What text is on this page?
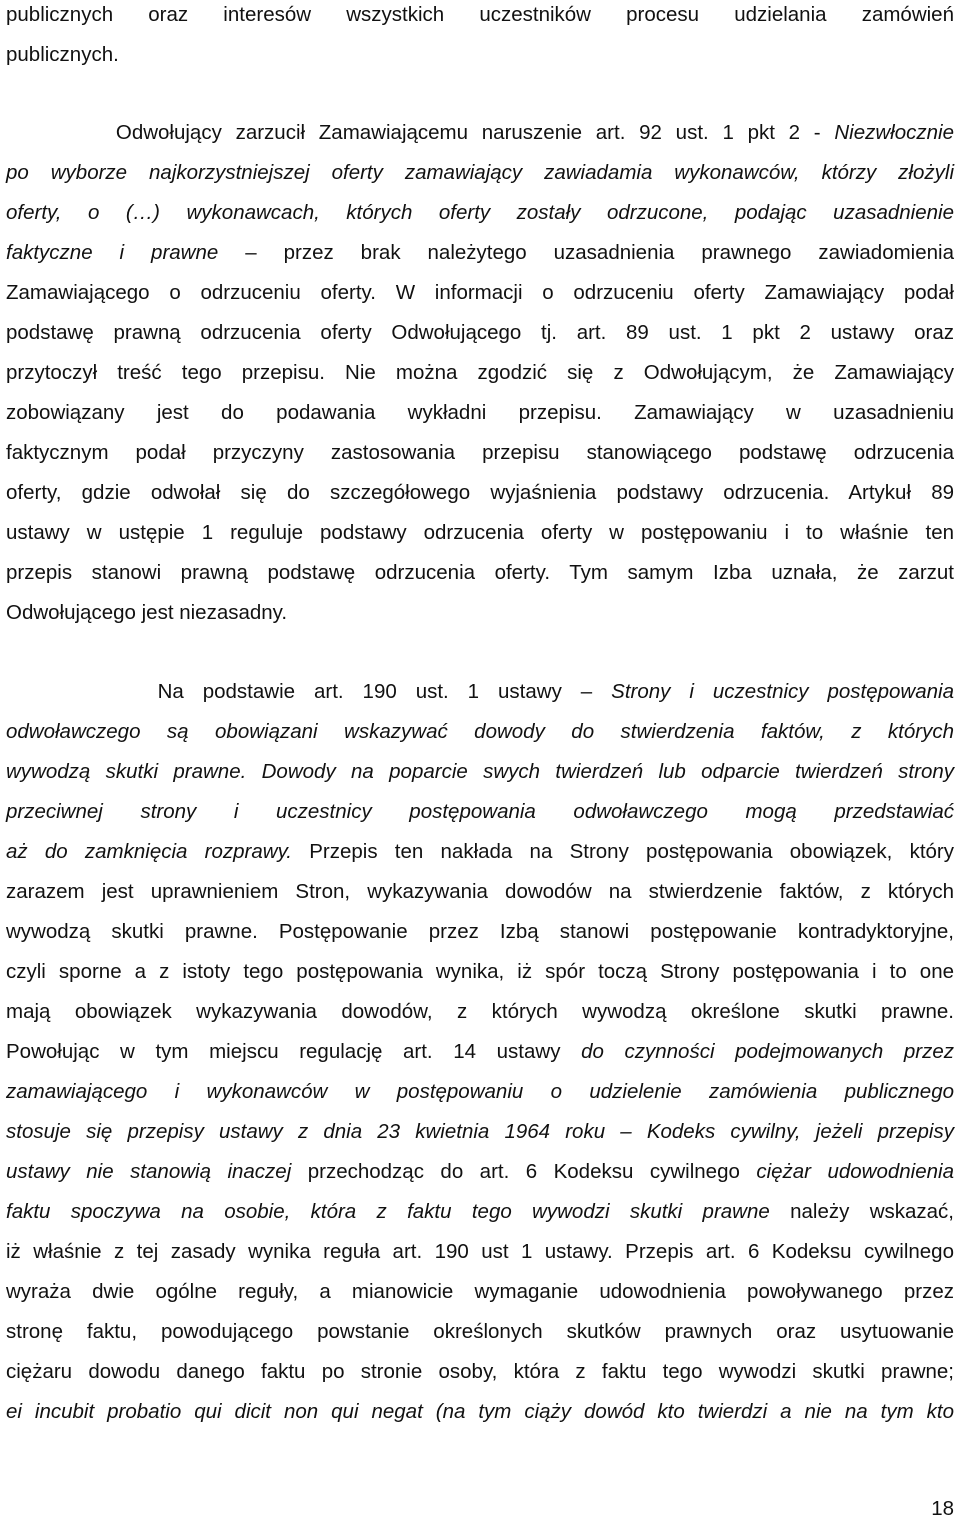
publicznych oraz interesów wszystkich uczestników procesu udzielania zamówień
publicznych.
Odwołujący zarzucił Zamawiającemu naruszenie art. 92 ust. 1 pkt 2 - Niezwłocznie
po wyborze najkorzystniejszej oferty zamawiający zawiadamia wykonawców, którzy złożyli
oferty, o (…) wykonawcach, których oferty zostały odrzucone, podając uzasadnienie
faktyczne i prawne – przez brak należytego uzasadnienia prawnego zawiadomienia
Zamawiającego o odrzuceniu oferty. W informacji o odrzuceniu oferty Zamawiający podał
podstawę prawną odrzucenia oferty Odwołującego tj. art. 89 ust. 1 pkt 2 ustawy oraz
przytoczył treść tego przepisu. Nie można zgodzić się z Odwołującym, że Zamawiający
zobowiązany jest do podawania wykładni przepisu. Zamawiający w uzasadnieniu
faktycznym podał przyczyny zastosowania przepisu stanowiącego podstawę odrzucenia
oferty, gdzie odwołał się do szczegółowego wyjaśnienia podstawy odrzucenia. Artykuł 89
ustawy w ustępie 1 reguluje podstawy odrzucenia oferty w postępowaniu i to właśnie ten
przepis stanowi prawną podstawę odrzucenia oferty. Tym samym Izba uznała, że zarzut
Odwołującego jest niezasadny.
Na podstawie art. 190 ust. 1 ustawy – Strony i uczestnicy postępowania
odwoławczego są obowiązani wskazywać dowody do stwierdzenia faktów, z których
wywodzą skutki prawne. Dowody na poparcie swych twierdzeń lub odparcie twierdzeń strony
przeciwnej strony i uczestnicy postępowania odwoławczego mogą przedstawiać
aż do zamknięcia rozprawy. Przepis ten nakłada na Strony postępowania obowiązek, który
zarazem jest uprawnieniem Stron, wykazywania dowodów na stwierdzenie faktów, z których
wywodzą skutki prawne. Postępowanie przez Izbą stanowi postępowanie kontradyktoryjne,
czyli sporne a z istoty tego postępowania wynika, iż spór toczą Strony postępowania i to one
mają obowiązek wykazywania dowodów, z których wywodzą określone skutki prawne.
Powołując w tym miejscu regulację art. 14 ustawy do czynności podejmowanych przez
zamawiającego i wykonawców w postępowaniu o udzielenie zamówienia publicznego
stosuje się przepisy ustawy z dnia 23 kwietnia 1964 roku – Kodeks cywilny, jeżeli przepisy
ustawy nie stanowią inaczej przechodząc do art. 6 Kodeksu cywilnego ciężar udowodnienia
faktu spoczywa na osobie, która z faktu tego wywodzi skutki prawne należy wskazać,
iż właśnie z tej zasady wynika reguła art. 190 ust 1 ustawy. Przepis art. 6 Kodeksu cywilnego
wyraża dwie ogólne reguły, a mianowicie wymaganie udowodnienia powoływanego przez
stronę faktu, powodującego powstanie określonych skutków prawnych oraz usytuowanie
ciężaru dowodu danego faktu po stronie osoby, która z faktu tego wywodzi skutki prawne;
ei incubit probatio qui dicit non qui negat (na tym ciąży dowód kto twierdzi a nie na tym kto
18
